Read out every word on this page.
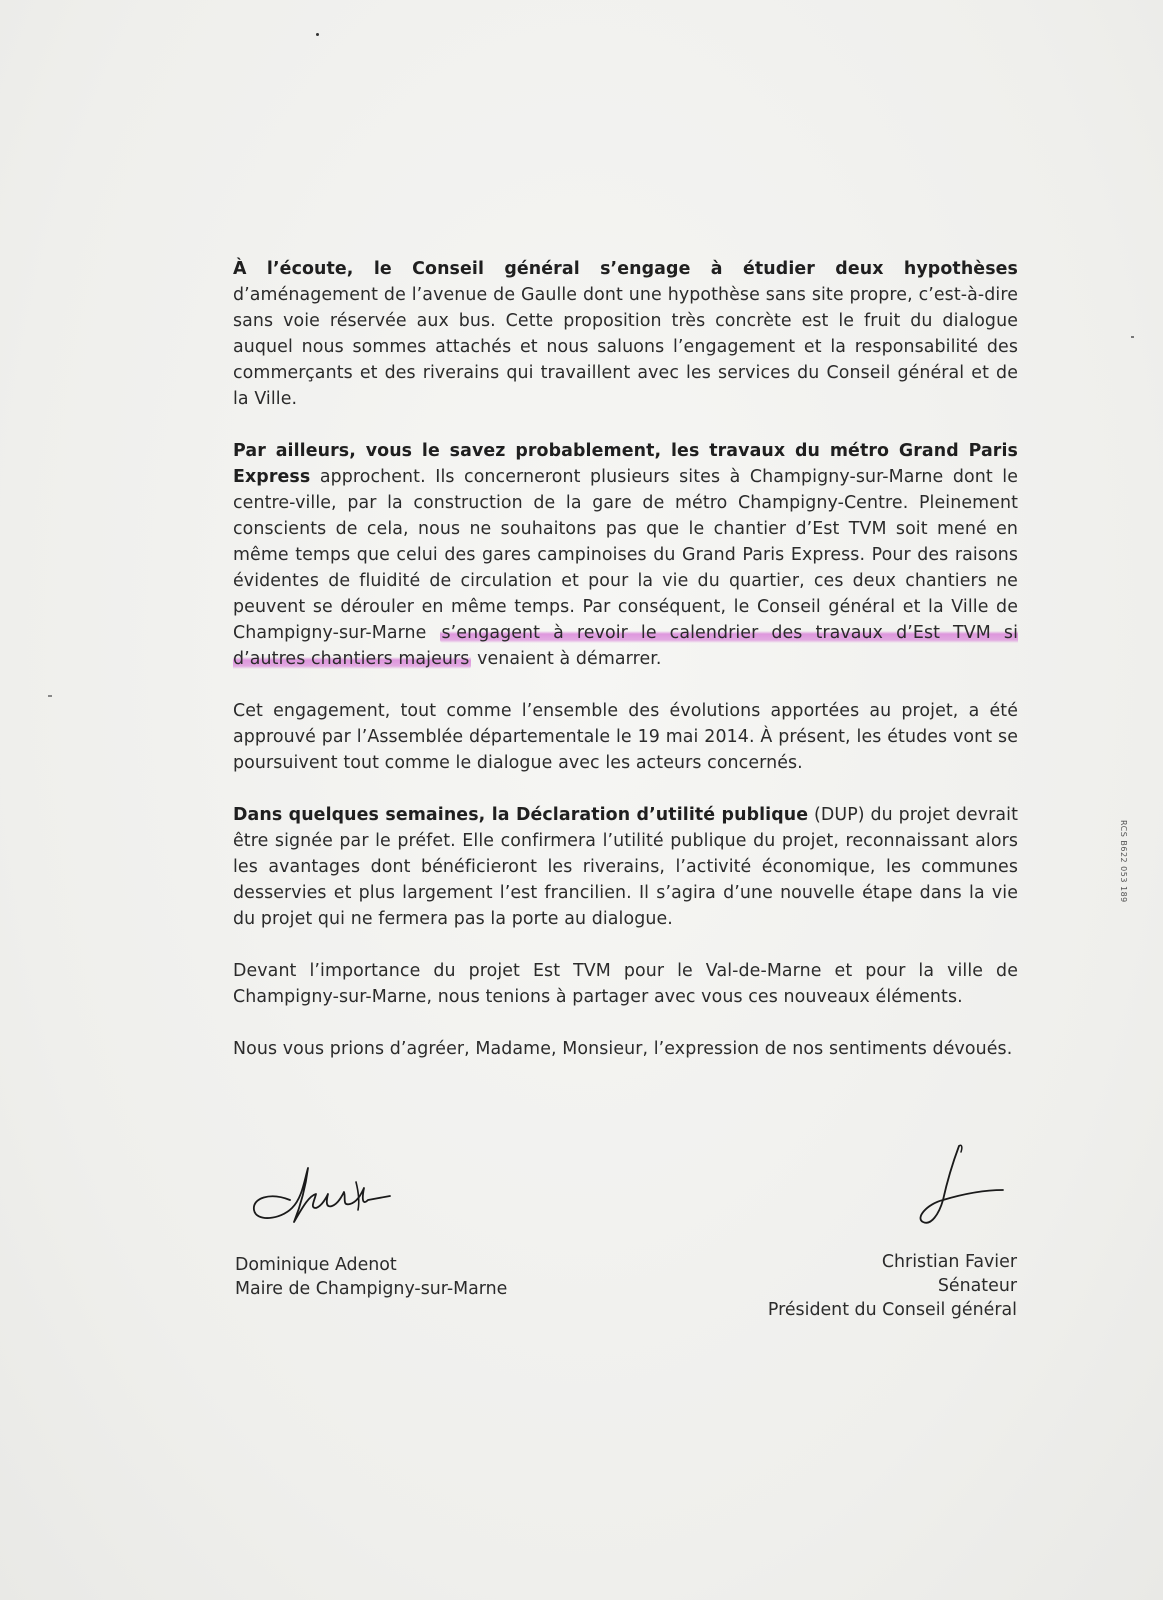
À l’écoute, le Conseil général s’engage à étudier deux hypothèses d’aménagement de l’avenue de Gaulle dont une hypothèse sans site propre, c’est-à-dire sans voie réservée aux bus. Cette proposition très concrète est le fruit du dialogue auquel nous sommes attachés et nous saluons l’engagement et la responsabilité des commerçants et des riverains qui travaillent avec les services du Conseil général et de la Ville.

Par ailleurs, vous le savez probablement, les travaux du métro Grand Paris Express approchent. Ils concerneront plusieurs sites à Champigny-sur-Marne dont le centre-ville, par la construction de la gare de métro Champigny-Centre. Pleinement conscients de cela, nous ne souhaitons pas que le chantier d’Est TVM soit mené en même temps que celui des gares campinoises du Grand Paris Express. Pour des raisons évidentes de fluidité de circulation et pour la vie du quartier, ces deux chantiers ne peuvent se dérouler en même temps. Par conséquent, le Conseil général et la Ville de Champigny-sur-Marne s’engagent à revoir le calendrier des travaux d’Est TVM si d’autres chantiers majeurs venaient à démarrer.

Cet engagement, tout comme l’ensemble des évolutions apportées au projet, a été approuvé par l’Assemblée départementale le 19 mai 2014. À présent, les études vont se poursuivent tout comme le dialogue avec les acteurs concernés.

Dans quelques semaines, la Déclaration d’utilité publique (DUP) du projet devrait être signée par le préfet. Elle confirmera l’utilité publique du projet, reconnaissant alors les avantages dont bénéficieront les riverains, l’activité économique, les communes desservies et plus largement l’est francilien. Il s’agira d’une nouvelle étape dans la vie du projet qui ne fermera pas la porte au dialogue.

Devant l’importance du projet Est TVM pour le Val-de-Marne et pour la ville de Champigny-sur-Marne, nous tenions à partager avec vous ces nouveaux éléments.

Nous vous prions d’agréer, Madame, Monsieur, l’expression de nos sentiments dévoués.

RCS B622 053 189
Dominique Adenot
Maire de Champigny-sur-Marne
Christian Favier
Sénateur
Président du Conseil général
